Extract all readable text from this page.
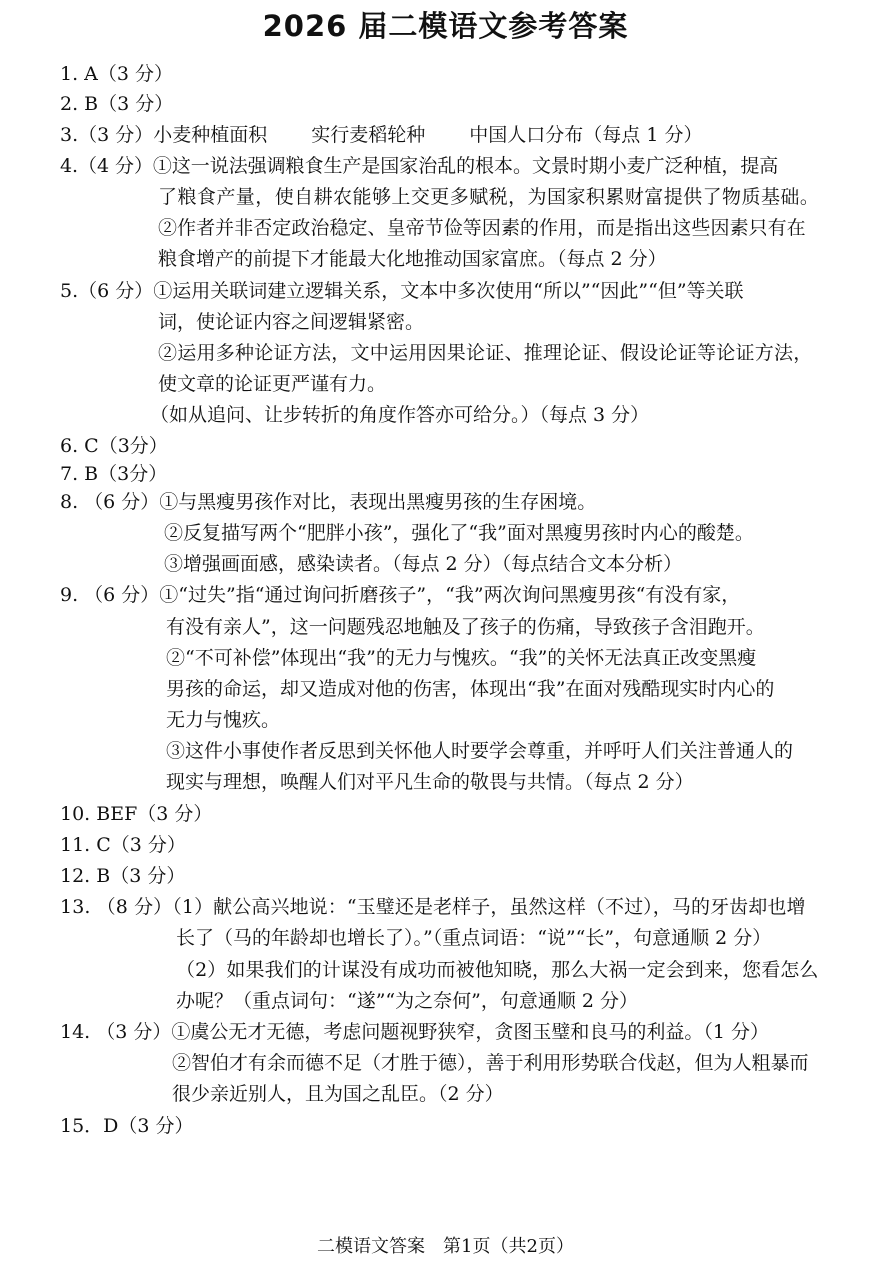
2026 届二模语文参考答案
1. A（3 分）
2. B（3 分）
3.（3 分）小麦种植面积 实行麦稻轮种 中国人口分布（每点 1 分）
4.（4 分）①这一说法强调粮食生产是国家治乱的根本。文景时期小麦广泛种植，提高
了粮食产量，使自耕农能够上交更多赋税，为国家积累财富提供了物质基础。
②作者并非否定政治稳定、皇帝节俭等因素的作用，而是指出这些因素只有在
粮食增产的前提下才能最大化地推动国家富庶。（每点 2 分）
5.（6 分）①运用关联词建立逻辑关系，文本中多次使用“所以”“因此”“但”等关联
词，使论证内容之间逻辑紧密。
②运用多种论证方法，文中运用因果论证、推理论证、假设论证等论证方法，
使文章的论证更严谨有力。
（如从追问、让步转折的角度作答亦可给分。）（每点 3 分）
6. C（3分）
7. B（3分）
8. （6 分）①与黑瘦男孩作对比，表现出黑瘦男孩的生存困境。
②反复描写两个“肥胖小孩”，强化了“我”面对黑瘦男孩时内心的酸楚。
③增强画面感，感染读者。（每点 2 分）（每点结合文本分析）
9. （6 分）①“过失”指“通过询问折磨孩子”，“我”两次询问黑瘦男孩“有没有家，
有没有亲人”，这一问题残忍地触及了孩子的伤痛，导致孩子含泪跑开。
②“不可补偿”体现出“我”的无力与愧疚。“我”的关怀无法真正改变黑瘦
男孩的命运，却又造成对他的伤害，体现出“我”在面对残酷现实时内心的
无力与愧疚。
③这件小事使作者反思到关怀他人时要学会尊重，并呼吁人们关注普通人的
现实与理想，唤醒人们对平凡生命的敬畏与共情。（每点 2 分）
10. BEF（3 分）
11. C（3 分）
12. B（3 分）
13. （8 分）（1）献公高兴地说：“玉璧还是老样子，虽然这样（不过），马的牙齿却也增
长了（马的年龄却也增长了）。”（重点词语：“说”“长”，句意通顺 2 分）
（2）如果我们的计谋没有成功而被他知晓，那么大祸一定会到来，您看怎么
办呢？（重点词句：“遂”“为之奈何”，句意通顺 2 分）
14. （3 分）①虞公无才无德，考虑问题视野狭窄，贪图玉璧和良马的利益。（1 分）
②智伯才有余而德不足（才胜于德），善于利用形势联合伐赵，但为人粗暴而
很少亲近别人，且为国之乱臣。（2 分）
15．D（3 分）
二模语文答案　第1页（共2页）
